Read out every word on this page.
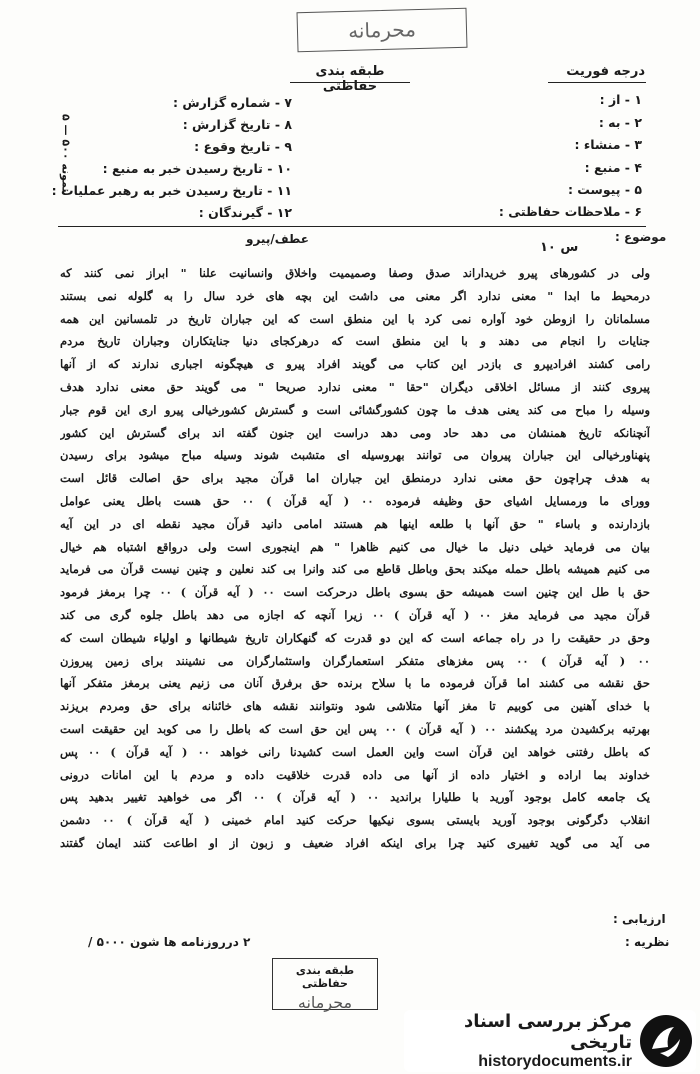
محرمانه
طبقه بندی حفاظتی
درجه فوریت
۱ - از :
۲ - به :
۳ - منشاء :
۴ - منبع :
۵ - پیوست :
۶ - ملاحظات حفاظتی :
۷ - شماره گزارش :
۸ - تاریخ گزارش :
۹ - تاریخ وقوع :
۱۰ - تاریخ رسیدن خبر به منبع :
۱۱ - تاریخ رسیدن خبر به رهبر عملیات :
۱۲ - گیرندگان :
نمونه ۵۰۰ — ۵
موضوع :
عطف/پیرو
س ۱۰

ولی در کشورهای پیرو خریداراند صدق وصفا وصمیمیت واخلاق وانسانیت علنا " ابراز نمی کنند که

درمحیط ما ابدا " معنی ندارد اگر معنی می داشت این بچه های خرد سال را به گلوله نمی بستند

مسلمانان را ازوطن خود آواره نمی کرد با این منطق است که این جباران تاریخ در تلمسانین این همه

جنایات را انجام می دهند و با این منطق است که درهرکجای دنیا جنایتکاران وجباران تاریخ مردم

رامی کشند افرادیپرو ی بازدر این کتاب می گویند افراد پیرو ی هیچگونه اجباری ندارند که از آنها

پیروی کنند از مسائل اخلاقی دیگران "حقا " معنی ندارد صریحا " می گویند حق معنی ندارد هدف

وسیله را مباح می کند یعنی هدف ما چون کشورگشائی است و گسترش کشورخیالی پیرو اری این قوم جبار

آنچنانکه تاریخ همنشان می دهد حاد ومی دهد دراست این جنون گفته اند برای گسترش این کشور

پنهناورخیالی این جباران پیروان می توانند بهروسیله ای متشبث شوند وسیله مباح میشود برای رسیدن

به هدف چراچون حق معنی ندارد درمنطق این جباران اما قرآن مجید برای حق اصالت قائل است

وورای ما ورمسایل اشیای حق وظیفه فرموده ۰۰ ( آیه قرآن ) ۰۰ حق هست باطل یعنی عوامل

بازدارنده و باساء " حق آنها با طلعه اینها هم هستند امامی دانید قرآن مجید نقطه ای در این آیه

بیان می فرماید خیلی دنیل ما خیال می کنیم ظاهرا " هم اینجوری است ولی درواقع اشتباه هم خیال

می کنیم همیشه باطل حمله میکند بحق وباطل قاطع می کند وانرا بی کند نعلین و چنین نیست قرآن می فرماید

حق با طل این چنین است همیشه حق بسوی باطل درحرکت است ۰۰ ( آیه قرآن ) ۰۰ چرا برمغز فرمود

قرآن مجید می فرماید مغز ۰۰ ( آیه قرآن ) ۰۰ زیرا آنچه که اجازه می دهد باطل جلوه گری می کند

وحق در حقیقت را در راه جماعه است که این دو قدرت که گنهکاران تاریخ شیطانها و اولیاء شیطان است که

۰۰ ( آیه قرآن ) ۰۰ پس مغزهای متفکر استعمارگران واستثمارگران می نشینند برای زمین پیروزن

حق نقشه می کشند اما قرآن فرموده ما با سلاح برنده حق برفرق آنان می زنیم یعنی برمغز متفکر آنها

با خدای آهنین می کوبیم تا مغز آنها متلاشی شود ونتوانند نقشه های خائنانه برای حق ومردم بریزند

بهرتبه برکشیدن مرد پیکشند ۰۰ ( آیه قرآن ) ۰۰ پس این حق است که باطل را می کوبد این حقیقت است

که باطل رفتنی خواهد این قرآن است واین العمل است کشیدنا رانی خواهد ۰۰ ( آیه قرآن ) ۰۰ پس

خداوند بما اراده و اختیار داده از آنها می داده قدرت خلاقیت داده و مردم با این امانات درونی

یک جامعه کامل بوجود آورید با طلیارا براندید ۰۰ ( آیه قرآن ) ۰۰ اگر می خواهید تغییر بدهید پس

انقلاب دگرگونی بوجود آورید بایستی بسوی نیکیها حرکت کنید امام خمینی ( آیه قرآن ) ۰۰ دشمن

می آید می گوید تغییری کنید چرا برای اینکه افراد ضعیف و زبون از او اطاعت کنند ایمان گفتند

ارزیابی :
نظریه :
۲ درروزنامه ها شون ۵۰۰۰ /
طبقه بندی حفاظتی
محرمانه
مرکز بررسی اسناد تاریخی
historydocuments.ir
